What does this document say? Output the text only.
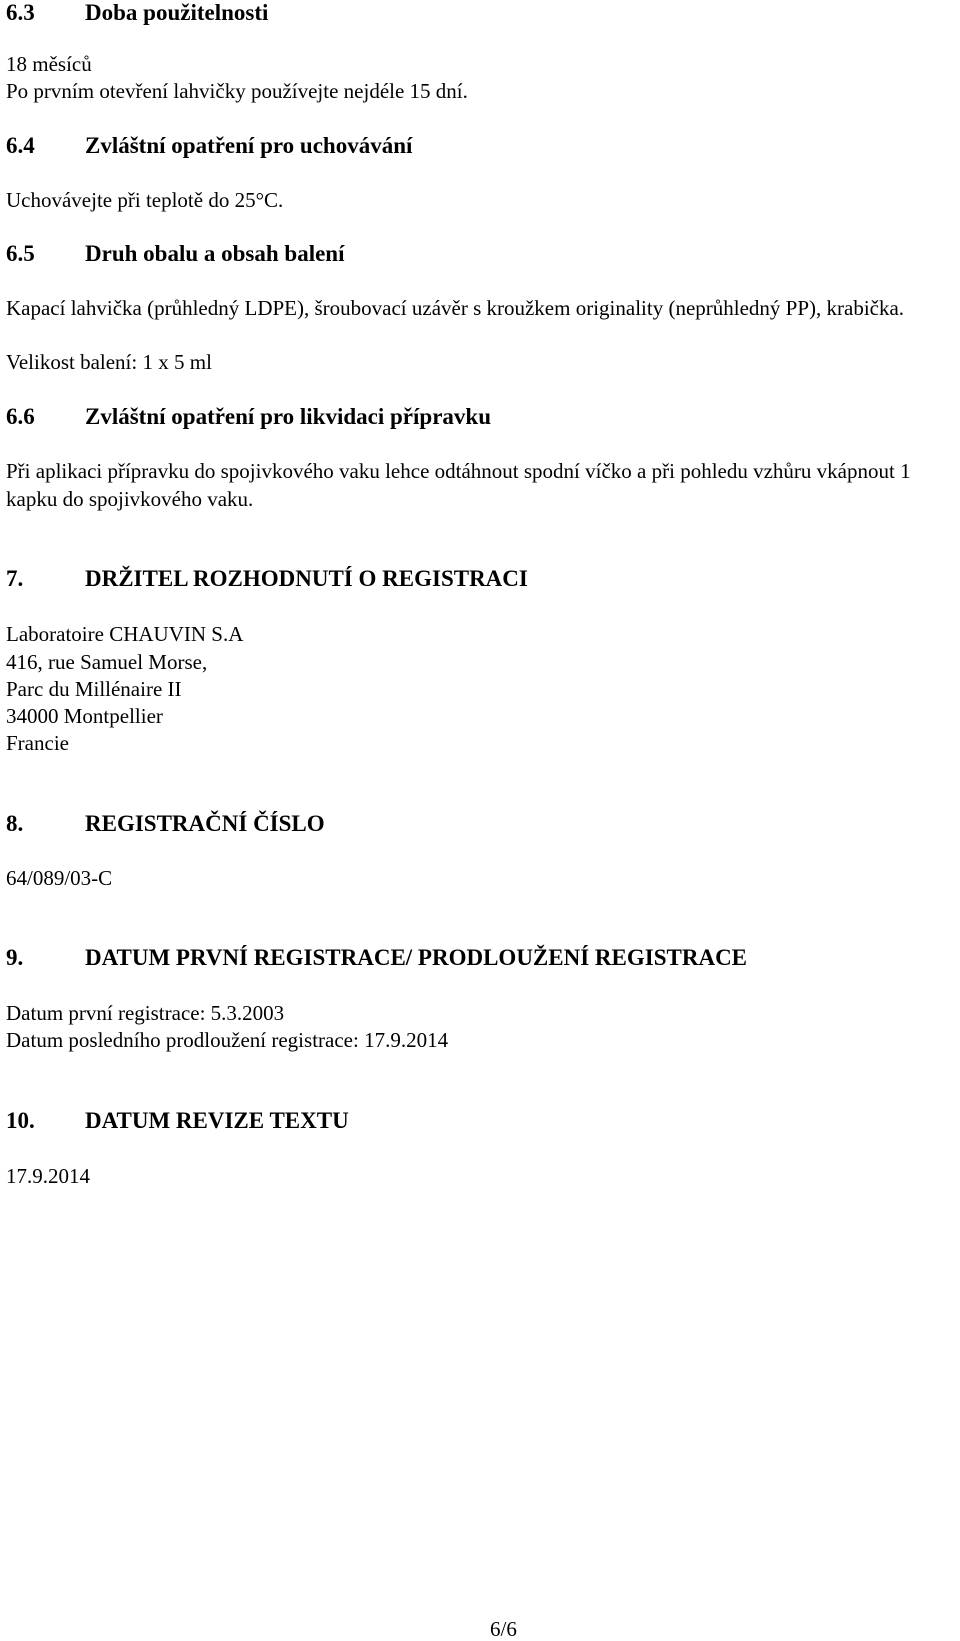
6.3 Doba použitelnosti
18 měsíců
Po prvním otevření lahvičky používejte nejdéle 15 dní.
6.4 Zvláštní opatření pro uchovávání
Uchovávejte při teplotě do 25°C.
6.5 Druh obalu a obsah balení
Kapací lahvička (průhledný LDPE), šroubovací uzávěr s kroužkem originality (neprůhledný PP), krabička.
Velikost balení: 1 x 5 ml
6.6 Zvláštní opatření pro likvidaci přípravku
Při aplikaci přípravku do spojivkového vaku lehce odtáhnout spodní víčko a při pohledu vzhůru vkápnout 1 kapku do spojivkového vaku.
7.	DRŽITEL ROZHODNUTÍ O REGISTRACI
Laboratoire CHAUVIN S.A
416, rue Samuel Morse,
Parc du Millénaire II
34000 Montpellier
Francie
8.	REGISTRAČNÍ ČÍSLO
64/089/03-C
9.	DATUM PRVNÍ REGISTRACE/ PRODLOUŽENÍ REGISTRACE
Datum první registrace: 5.3.2003
Datum posledního prodloužení registrace: 17.9.2014
10. DATUM REVIZE TEXTU
17.9.2014
6/6
